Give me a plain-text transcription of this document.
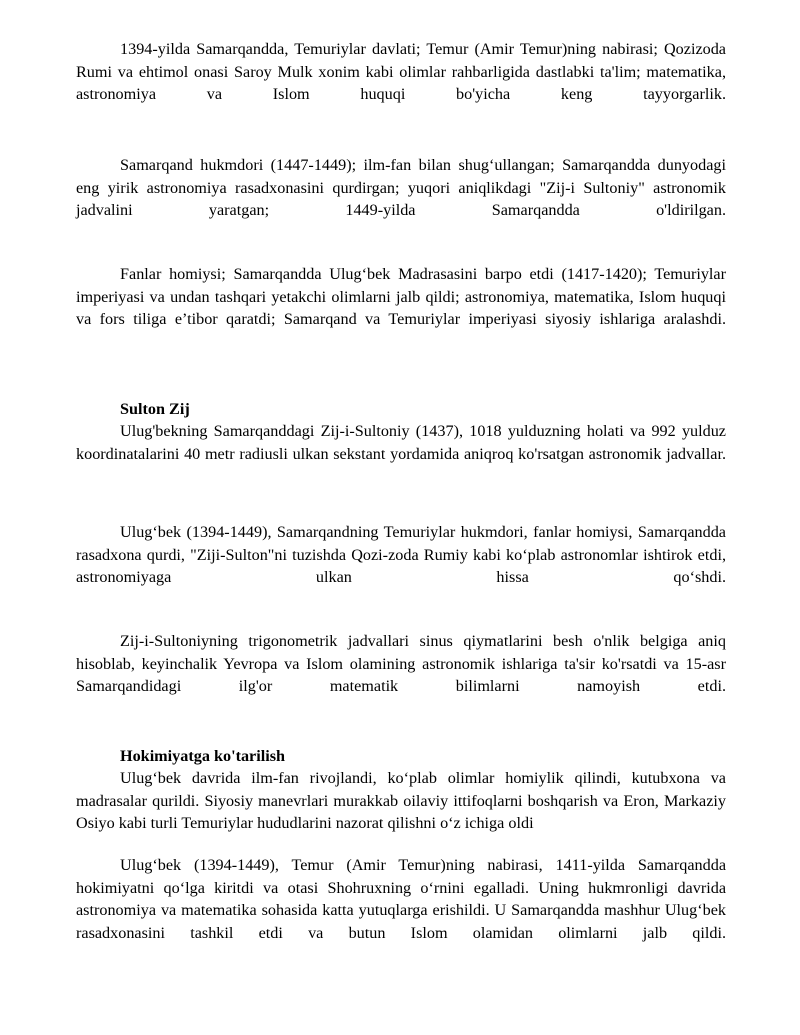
1394-yilda Samarqandda, Temuriylar davlati; Temur (Amir Temur)ning nabirasi; Qozizoda Rumi va ehtimol onasi Saroy Mulk xonim kabi olimlar rahbarligida dastlabki ta'lim; matematika, astronomiya va Islom huquqi bo'yicha keng tayyorgarlik.

Samarqand hukmdori (1447-1449); ilm-fan bilan shug‘ullangan; Samarqandda dunyodagi eng yirik astronomiya rasadxonasini qurdirgan; yuqori aniqlikdagi "Zij-i Sultoniy" astronomik jadvalini yaratgan; 1449-yilda Samarqandda o'ldirilgan.

Fanlar homiysi; Samarqandda Ulug‘bek Madrasasini barpo etdi (1417-1420); Temuriylar imperiyasi va undan tashqari yetakchi olimlarni jalb qildi; astronomiya, matematika, Islom huquqi va fors tiliga e’tibor qaratdi; Samarqand va Temuriylar imperiyasi siyosiy ishlariga aralashdi.

Sulton Zij

Ulug'bekning Samarqanddagi Zij-i-Sultoniy (1437), 1018 yulduzning holati va 992 yulduz koordinatalarini 40 metr radiusli ulkan sekstant yordamida aniqroq ko'rsatgan astronomik jadvallar.

Ulug‘bek (1394-1449), Samarqandning Temuriylar hukmdori, fanlar homiysi, Samarqandda rasadxona qurdi, "Ziji-Sulton"ni tuzishda Qozi-zoda Rumiy kabi ko‘plab astronomlar ishtirok etdi, astronomiyaga ulkan hissa qo‘shdi.

Zij-i-Sultoniyning trigonometrik jadvallari sinus qiymatlarini besh o'nlik belgiga aniq hisoblab, keyinchalik Yevropa va Islom olamining astronomik ishlariga ta'sir ko'rsatdi va 15-asr Samarqandidagi ilg'or matematik bilimlarni namoyish etdi.

Hokimiyatga ko'tarilish

Ulug‘bek davrida ilm-fan rivojlandi, ko‘plab olimlar homiylik qilindi, kutubxona va madrasalar qurildi. Siyosiy manevrlari murakkab oilaviy ittifoqlarni boshqarish va Eron, Markaziy Osiyo kabi turli Temuriylar hududlarini nazorat qilishni o‘z ichiga oldi

Ulug‘bek (1394-1449), Temur (Amir Temur)ning nabirasi, 1411-yilda Samarqandda hokimiyatni qo‘lga kiritdi va otasi Shohruxning o‘rnini egalladi. Uning hukmronligi davrida astronomiya va matematika sohasida katta yutuqlarga erishildi. U Samarqandda mashhur Ulug‘bek rasadxonasini tashkil etdi va butun Islom olamidan olimlarni jalb qildi.
